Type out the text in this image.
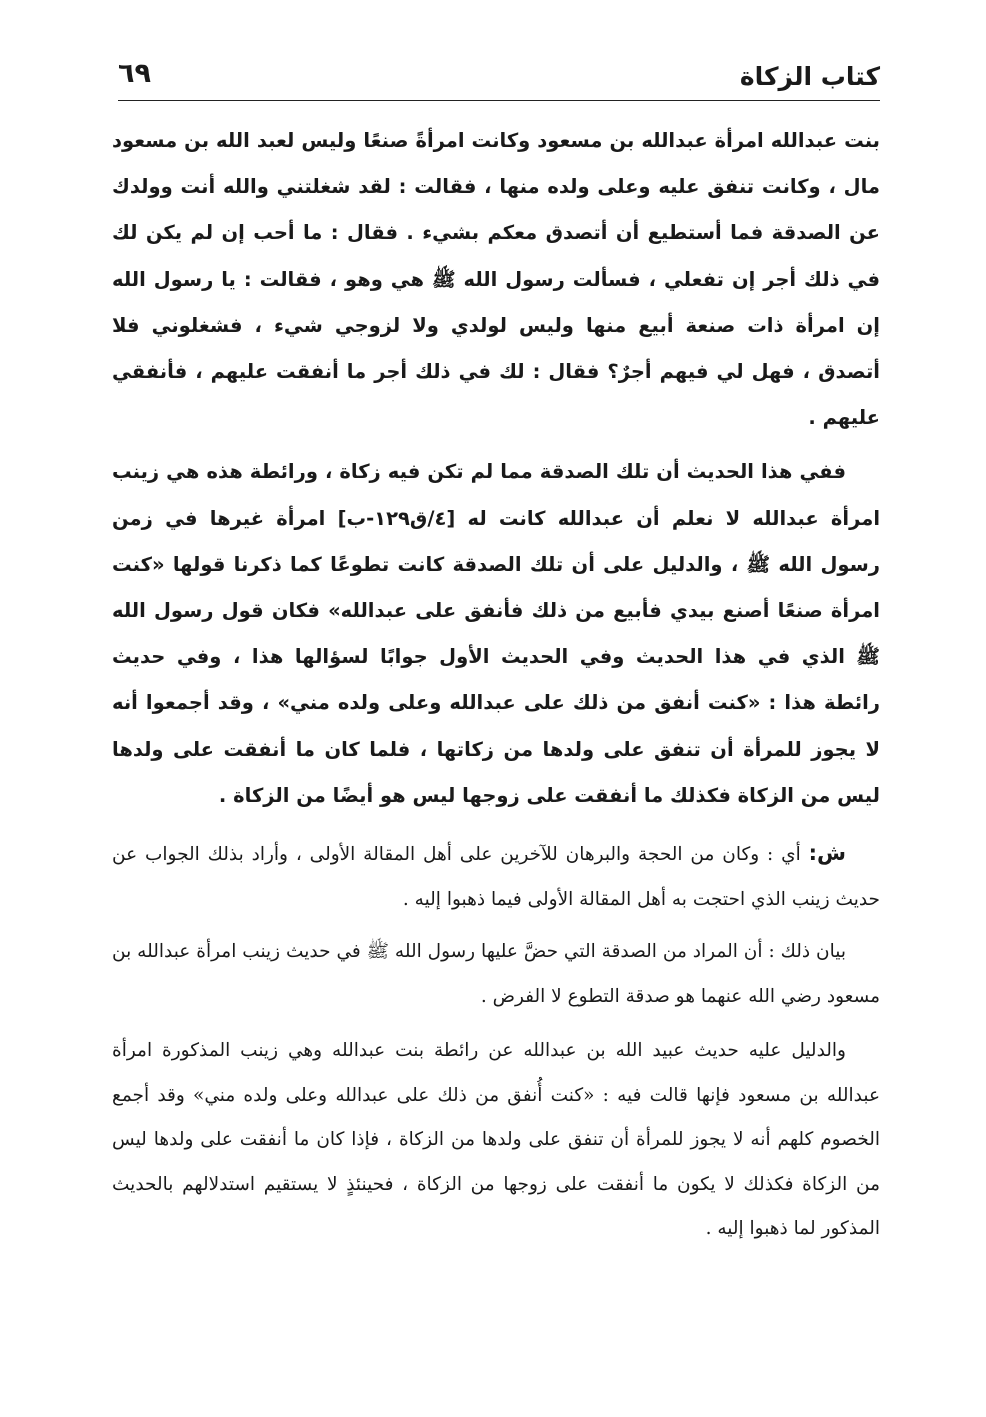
كتاب الزكاة
٦٩

بنت عبدالله امرأة عبدالله بن مسعود وكانت امرأةً صنعًا وليس لعبد الله بن مسعود مال ، وكانت تنفق عليه وعلى ولده منها ، فقالت : لقد شغلتني والله أنت وولدك عن الصدقة فما أستطيع أن أتصدق معكم بشيء . فقال : ما أحب إن لم يكن لك في ذلك أجر إن تفعلي ، فسألت رسول الله ﷺ هي وهو ، فقالت : يا رسول الله إن امرأة ذات صنعة أبيع منها وليس لولدي ولا لزوجي شيء ، فشغلوني فلا أتصدق ، فهل لي فيهم أجرٌ؟ فقال : لك في ذلك أجر ما أنفقت عليهم ، فأنفقي عليهم .

ففي هذا الحديث أن تلك الصدقة مما لم تكن فيه زكاة ، ورائطة هذه هي زينب امرأة عبدالله لا نعلم أن عبدالله كانت له [٤/ق١٢٩-ب] امرأة غيرها في زمن رسول الله ﷺ ، والدليل على أن تلك الصدقة كانت تطوعًا كما ذكرنا قولها «كنت امرأة صنعًا أصنع بيدي فأبيع من ذلك فأنفق على عبدالله» فكان قول رسول الله ﷺ الذي في هذا الحديث وفي الحديث الأول جوابًا لسؤالها هذا ، وفي حديث رائطة هذا : «كنت أنفق من ذلك على عبدالله وعلى ولده مني» ، وقد أجمعوا أنه لا يجوز للمرأة أن تنفق على ولدها من زكاتها ، فلما كان ما أنفقت على ولدها ليس من الزكاة فكذلك ما أنفقت على زوجها ليس هو أيضًا من الزكاة .

ش: أي : وكان من الحجة والبرهان للآخرين على أهل المقالة الأولى ، وأراد بذلك الجواب عن حديث زينب الذي احتجت به أهل المقالة الأولى فيما ذهبوا إليه .

بيان ذلك : أن المراد من الصدقة التي حضَّ عليها رسول الله ﷺ في حديث زينب امرأة عبدالله بن مسعود رضي الله عنهما هو صدقة التطوع لا الفرض .

والدليل عليه حديث عبيد الله بن عبدالله عن رائطة بنت عبدالله وهي زينب المذكورة امرأة عبدالله بن مسعود فإنها قالت فيه : «كنت أُنفق من ذلك على عبدالله وعلى ولده مني» وقد أجمع الخصوم كلهم أنه لا يجوز للمرأة أن تنفق على ولدها من الزكاة ، فإذا كان ما أنفقت على ولدها ليس من الزكاة فكذلك لا يكون ما أنفقت على زوجها من الزكاة ، فحينئذٍ لا يستقيم استدلالهم بالحديث المذكور لما ذهبوا إليه .
